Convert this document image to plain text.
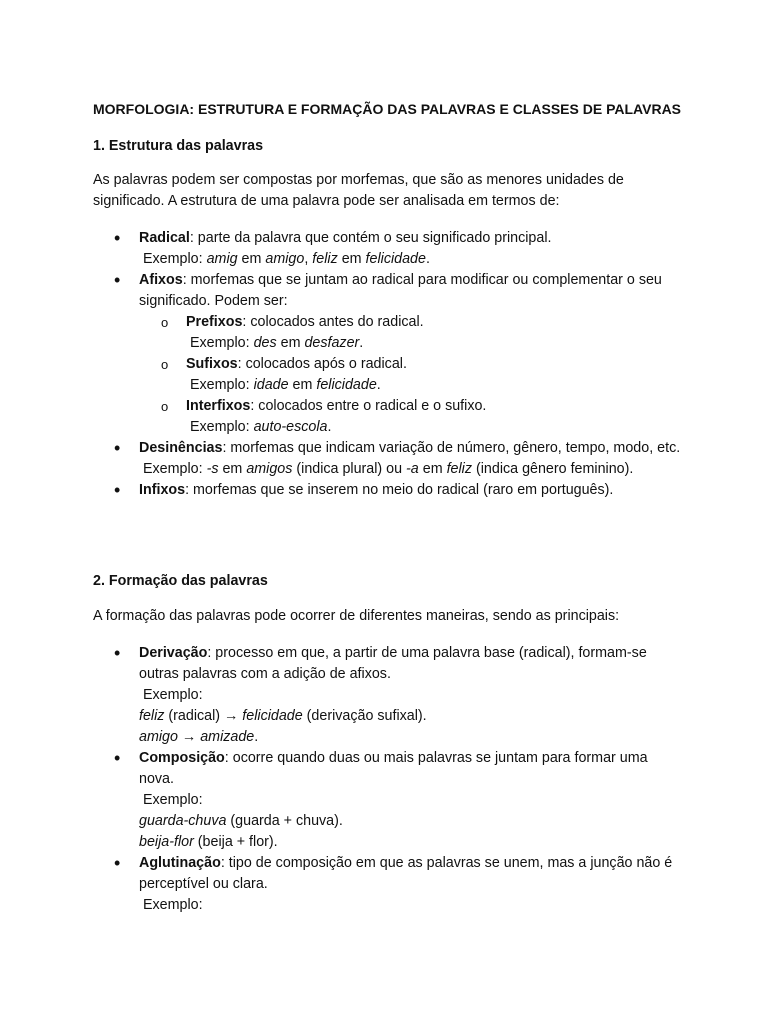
MORFOLOGIA: ESTRUTURA E FORMAÇÃO DAS PALAVRAS E CLASSES DE PALAVRAS

1. Estrutura das palavras

As palavras podem ser compostas por morfemas, que são as menores unidades de significado. A estrutura de uma palavra pode ser analisada em termos de:

• Radical: parte da palavra que contém o seu significado principal.
Exemplo: amig em amigo, feliz em felicidade.
• Afixos: morfemas que se juntam ao radical para modificar ou complementar o seu significado. Podem ser:
o Prefixos: colocados antes do radical.
Exemplo: des em desfazer.
o Sufixos: colocados após o radical.
Exemplo: idade em felicidade.
o Interfixos: colocados entre o radical e o sufixo.
Exemplo: auto-escola.
• Desinências: morfemas que indicam variação de número, gênero, tempo, modo, etc.
Exemplo: -s em amigos (indica plural) ou -a em feliz (indica gênero feminino).
• Infixos: morfemas que se inserem no meio do radical (raro em português).

2. Formação das palavras

A formação das palavras pode ocorrer de diferentes maneiras, sendo as principais:

• Derivação: processo em que, a partir de uma palavra base (radical), formam-se outras palavras com a adição de afixos.
Exemplo:
feliz (radical) → felicidade (derivação sufixal).
amigo → amizade.
• Composição: ocorre quando duas ou mais palavras se juntam para formar uma nova.
Exemplo:
guarda-chuva (guarda + chuva).
beija-flor (beija + flor).
• Aglutinação: tipo de composição em que as palavras se unem, mas a junção não é perceptível ou clara.
Exemplo:
